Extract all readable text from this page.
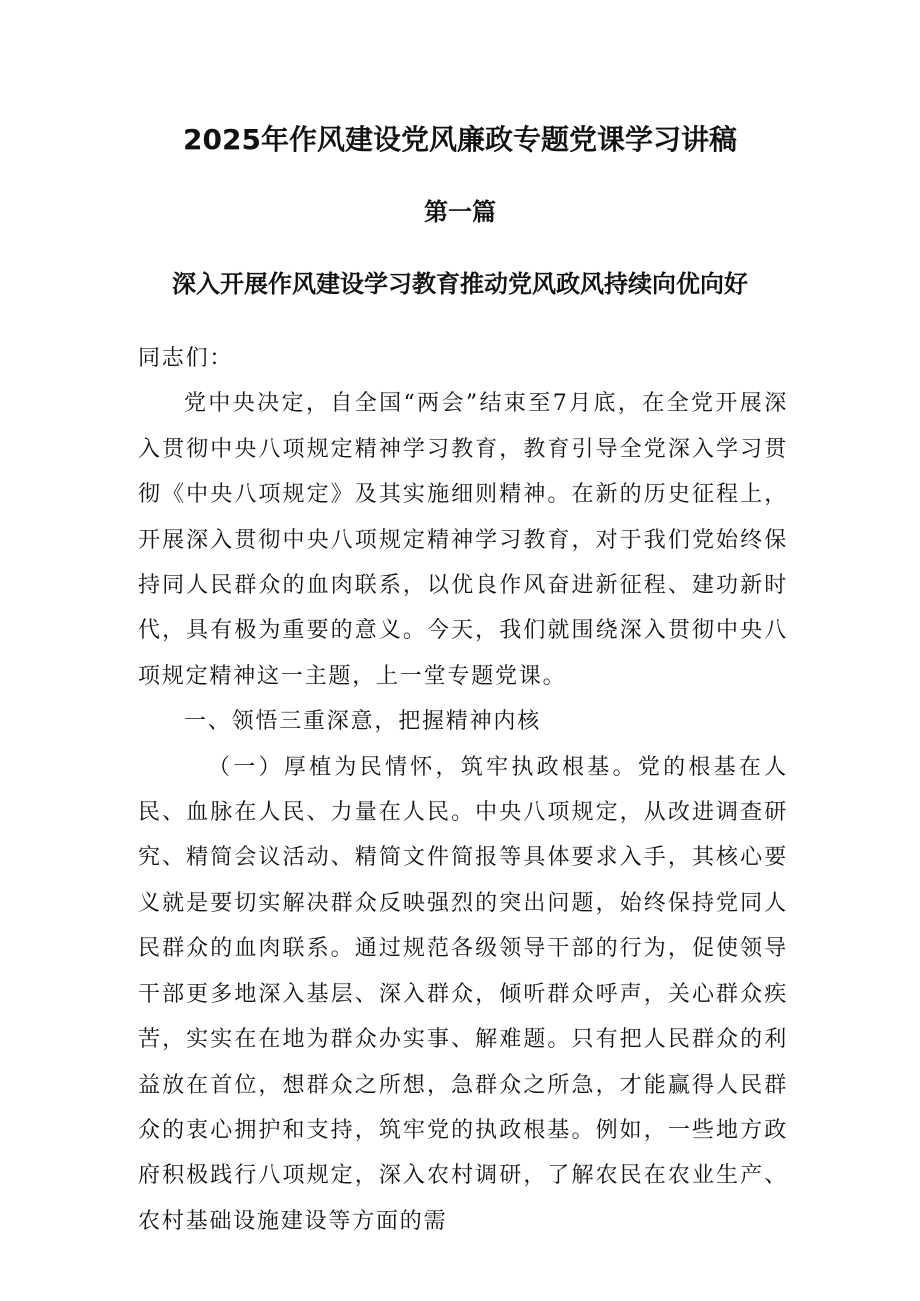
2025年作风建设党风廉政专题党课学习讲稿
第一篇
深入开展作风建设学习教育推动党风政风持续向优向好

同志们：

党中央决定，自全国“两会”结束至7月底，在全党开展深入贯彻中央八项规定精神学习教育，教育引导全党深入学习贯彻《中央八项规定》及其实施细则精神。在新的历史征程上，开展深入贯彻中央八项规定精神学习教育，对于我们党始终保持同人民群众的血肉联系，以优良作风奋进新征程、建功新时代，具有极为重要的意义。今天，我们就围绕深入贯彻中央八项规定精神这一主题，上一堂专题党课。

一、领悟三重深意，把握精神内核

（一）厚植为民情怀，筑牢执政根基。党的根基在人民、血脉在人民、力量在人民。中央八项规定，从改进调查研究、精简会议活动、精简文件简报等具体要求入手，其核心要义就是要切实解决群众反映强烈的突出问题，始终保持党同人民群众的血肉联系。通过规范各级领导干部的行为，促使领导干部更多地深入基层、深入群众，倾听群众呼声，关心群众疾苦，实实在在地为群众办实事、解难题。只有把人民群众的利益放在首位，想群众之所想，急群众之所急，才能赢得人民群众的衷心拥护和支持，筑牢党的执政根基。例如，一些地方政府积极践行八项规定，深入农村调研，了解农民在农业生产、农村基础设施建设等方面的需
